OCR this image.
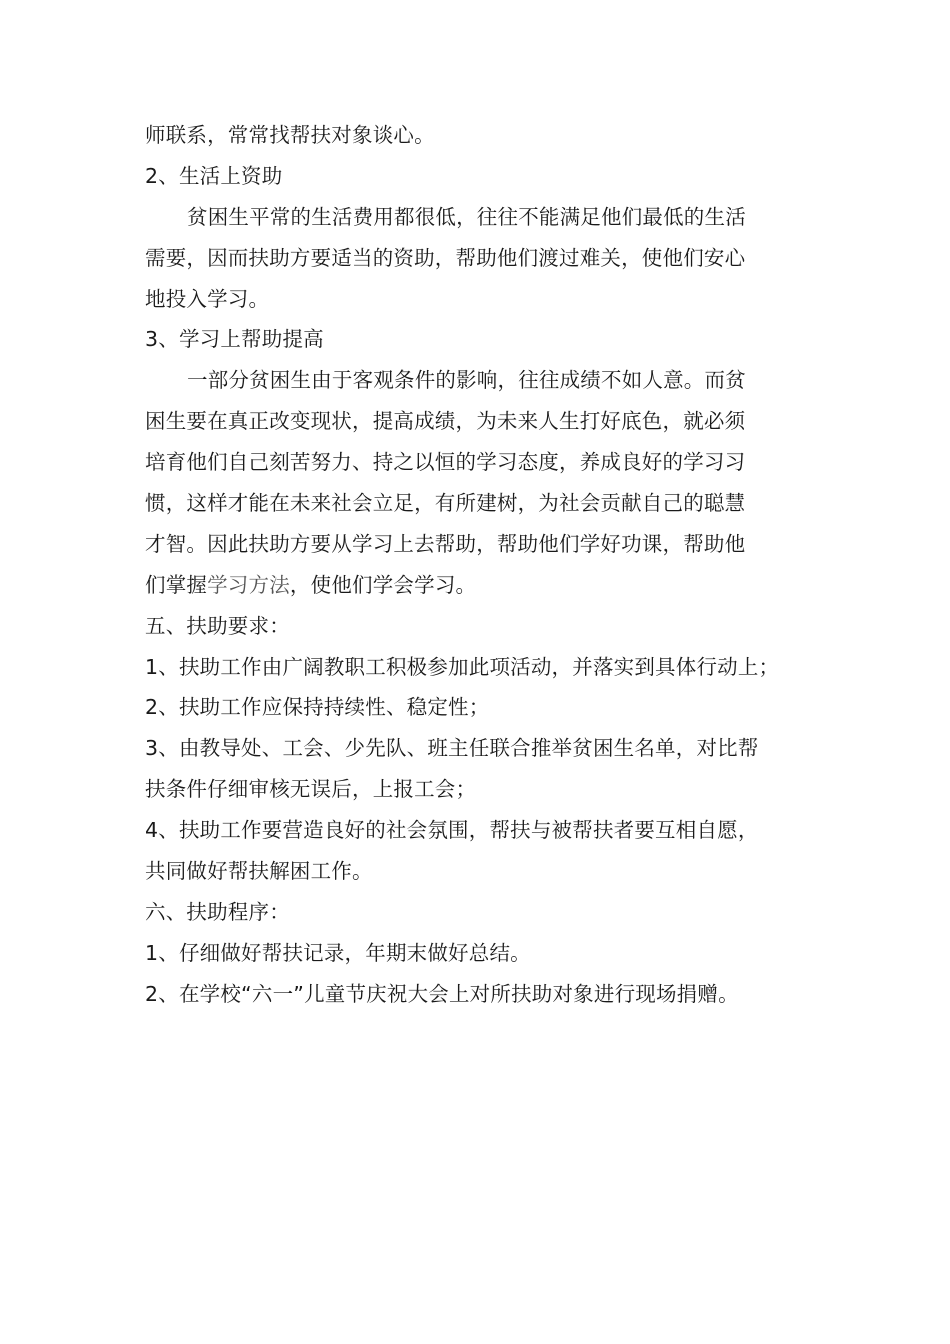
师联系，常常找帮扶对象谈心。
2、生活上资助
贫困生平常的生活费用都很低，往往不能满足他们最低的生活
需要，因而扶助方要适当的资助，帮助他们渡过难关，使他们安心
地投入学习。
3、学习上帮助提高
一部分贫困生由于客观条件的影响，往往成绩不如人意。而贫
困生要在真正改变现状，提高成绩，为未来人生打好底色，就必须
培育他们自己刻苦努力、持之以恒的学习态度，养成良好的学习习
惯，这样才能在未来社会立足，有所建树，为社会贡献自己的聪慧
才智。因此扶助方要从学习上去帮助，帮助他们学好功课，帮助他
们掌握学习方法，使他们学会学习。
五、扶助要求：
1、扶助工作由广阔教职工积极参加此项活动，并落实到具体行动上；
2、扶助工作应保持持续性、稳定性；
3、由教导处、工会、少先队、班主任联合推举贫困生名单，对比帮
扶条件仔细审核无误后，上报工会；
4、扶助工作要营造良好的社会氛围，帮扶与被帮扶者要互相自愿，
共同做好帮扶解困工作。
六、扶助程序：
1、仔细做好帮扶记录，年期末做好总结。
2、在学校“六一”儿童节庆祝大会上对所扶助对象进行现场捐赠。
